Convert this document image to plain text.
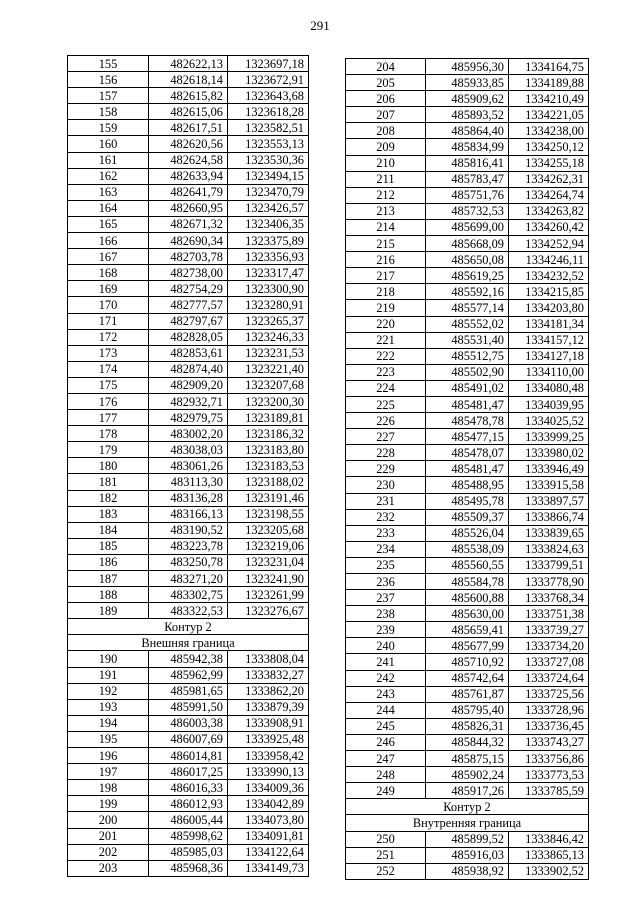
291
155	482622,13	1323697,18
156	482618,14	1323672,91
157	482615,82	1323643,68
158	482615,06	1323618,28
159	482617,51	1323582,51
160	482620,56	1323553,13
161	482624,58	1323530,36
162	482633,94	1323494,15
163	482641,79	1323470,79
164	482660,95	1323426,57
165	482671,32	1323406,35
166	482690,34	1323375,89
167	482703,78	1323356,93
168	482738,00	1323317,47
169	482754,29	1323300,90
170	482777,57	1323280,91
171	482797,67	1323265,37
172	482828,05	1323246,33
173	482853,61	1323231,53
174	482874,40	1323221,40
175	482909,20	1323207,68
176	482932,71	1323200,30
177	482979,75	1323189,81
178	483002,20	1323186,32
179	483038,03	1323183,80
180	483061,26	1323183,53
181	483113,30	1323188,02
182	483136,28	1323191,46
183	483166,13	1323198,55
184	483190,52	1323205,68
185	483223,78	1323219,06
186	483250,78	1323231,04
187	483271,20	1323241,90
188	483302,75	1323261,99
189	483322,53	1323276,67
Контур 2		
Внешняя граница		
190	485942,38	1333808,04
191	485962,99	1333832,27
192	485981,65	1333862,20
193	485991,50	1333879,39
194	486003,38	1333908,91
195	486007,69	1333925,48
196	486014,81	1333958,42
197	486017,25	1333990,13
198	486016,33	1334009,36
199	486012,93	1334042,89
200	486005,44	1334073,80
201	485998,62	1334091,81
202	485985,03	1334122,64
203	485968,36	1334149,73
204	485956,30	1334164,75
205	485933,85	1334189,88
206	485909,62	1334210,49
207	485893,52	1334221,05
208	485864,40	1334238,00
209	485834,99	1334250,12
210	485816,41	1334255,18
211	485783,47	1334262,31
212	485751,76	1334264,74
213	485732,53	1334263,82
214	485699,00	1334260,42
215	485668,09	1334252,94
216	485650,08	1334246,11
217	485619,25	1334232,52
218	485592,16	1334215,85
219	485577,14	1334203,80
220	485552,02	1334181,34
221	485531,40	1334157,12
222	485512,75	1334127,18
223	485502,90	1334110,00
224	485491,02	1334080,48
225	485481,47	1334039,95
226	485478,78	1334025,52
227	485477,15	1333999,25
228	485478,07	1333980,02
229	485481,47	1333946,49
230	485488,95	1333915,58
231	485495,78	1333897,57
232	485509,37	1333866,74
233	485526,04	1333839,65
234	485538,09	1333824,63
235	485560,55	1333799,51
236	485584,78	1333778,90
237	485600,88	1333768,34
238	485630,00	1333751,38
239	485659,41	1333739,27
240	485677,99	1333734,20
241	485710,92	1333727,08
242	485742,64	1333724,64
243	485761,87	1333725,56
244	485795,40	1333728,96
245	485826,31	1333736,45
246	485844,32	1333743,27
247	485875,15	1333756,86
248	485902,24	1333773,53
249	485917,26	1333785,59
Контур 2		
Внутренняя граница		
250	485899,52	1333846,42
251	485916,03	1333865,13
252	485938,92	1333902,52
